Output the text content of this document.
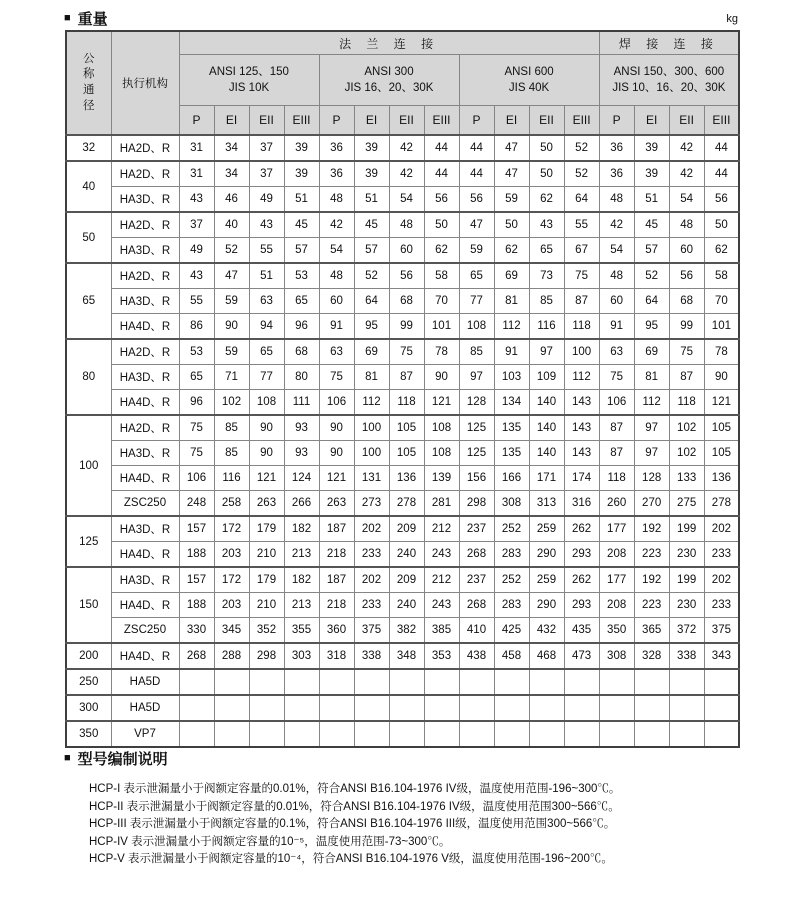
■ 重量	kg
公称通径	执行机构	法 兰 连 接												焊 接 连 接			

ANSI 125、150
JIS 10K

ANSI 300
JIS 16、20、30K

ANSI 600
JIS 40K

ANSI 150、300、600
JIS 10、16、20、30K

		P	EI	EII	EIII	P	EI	EII	EIII	P	EI	EII	EIII	P	EI	EII	EIII
32	HA2D、R	31	34	37	39	36	39	42	44	44	47	50	52	36	39	42	44
40	HA2D、R	31	34	37	39	36	39	42	44	44	47	50	52	36	39	42	44
	HA3D、R	43	46	49	51	48	51	54	56	56	59	62	64	48	51	54	56
50	HA2D、R	37	40	43	45	42	45	48	50	47	50	43	55	42	45	48	50
	HA3D、R	49	52	55	57	54	57	60	62	59	62	65	67	54	57	60	62
65	HA2D、R	43	47	51	53	48	52	56	58	65	69	73	75	48	52	56	58
	HA3D、R	55	59	63	65	60	64	68	70	77	81	85	87	60	64	68	70
	HA4D、R	86	90	94	96	91	95	99	101	108	112	116	118	91	95	99	101
80	HA2D、R	53	59	65	68	63	69	75	78	85	91	97	100	63	69	75	78
	HA3D、R	65	71	77	80	75	81	87	90	97	103	109	112	75	81	87	90
	HA4D、R	96	102	108	111	106	112	118	121	128	134	140	143	106	112	118	121
100	HA2D、R	75	85	90	93	90	100	105	108	125	135	140	143	87	97	102	105
	HA3D、R	75	85	90	93	90	100	105	108	125	135	140	143	87	97	102	105
	HA4D、R	106	116	121	124	121	131	136	139	156	166	171	174	118	128	133	136
	ZSC250	248	258	263	266	263	273	278	281	298	308	313	316	260	270	275	278
125	HA3D、R	157	172	179	182	187	202	209	212	237	252	259	262	177	192	199	202
	HA4D、R	188	203	210	213	218	233	240	243	268	283	290	293	208	223	230	233
150	HA3D、R	157	172	179	182	187	202	209	212	237	252	259	262	177	192	199	202
	HA4D、R	188	203	210	213	218	233	240	243	268	283	290	293	208	223	230	233
	ZSC250	330	345	352	355	360	375	382	385	410	425	432	435	350	365	372	375
200	HA4D、R	268	288	298	303	318	338	348	353	438	458	468	473	308	328	338	343
250	HA5D																
300	HA5D																
350	VP7																
■ 型号编制说明
HCP-I 表示泄漏量小于阀额定容量的0.01%，符合ANSI B16.104-1976 IV级，温度使用范围-196~300℃。
HCP-II 表示泄漏量小于阀额定容量的0.01%，符合ANSI B16.104-1976 IV级，温度使用范围300~566℃。
HCP-III 表示泄漏量小于阀额定容量的0.1%，符合ANSI B16.104-1976 III级，温度使用范围300~566℃。
HCP-IV 表示泄漏量小于阀额定容量的10⁻⁵，温度使用范围-73~300℃。
HCP-V 表示泄漏量小于阀额定容量的10⁻⁴，符合ANSI B16.104-1976 V级，温度使用范围-196~200℃。
